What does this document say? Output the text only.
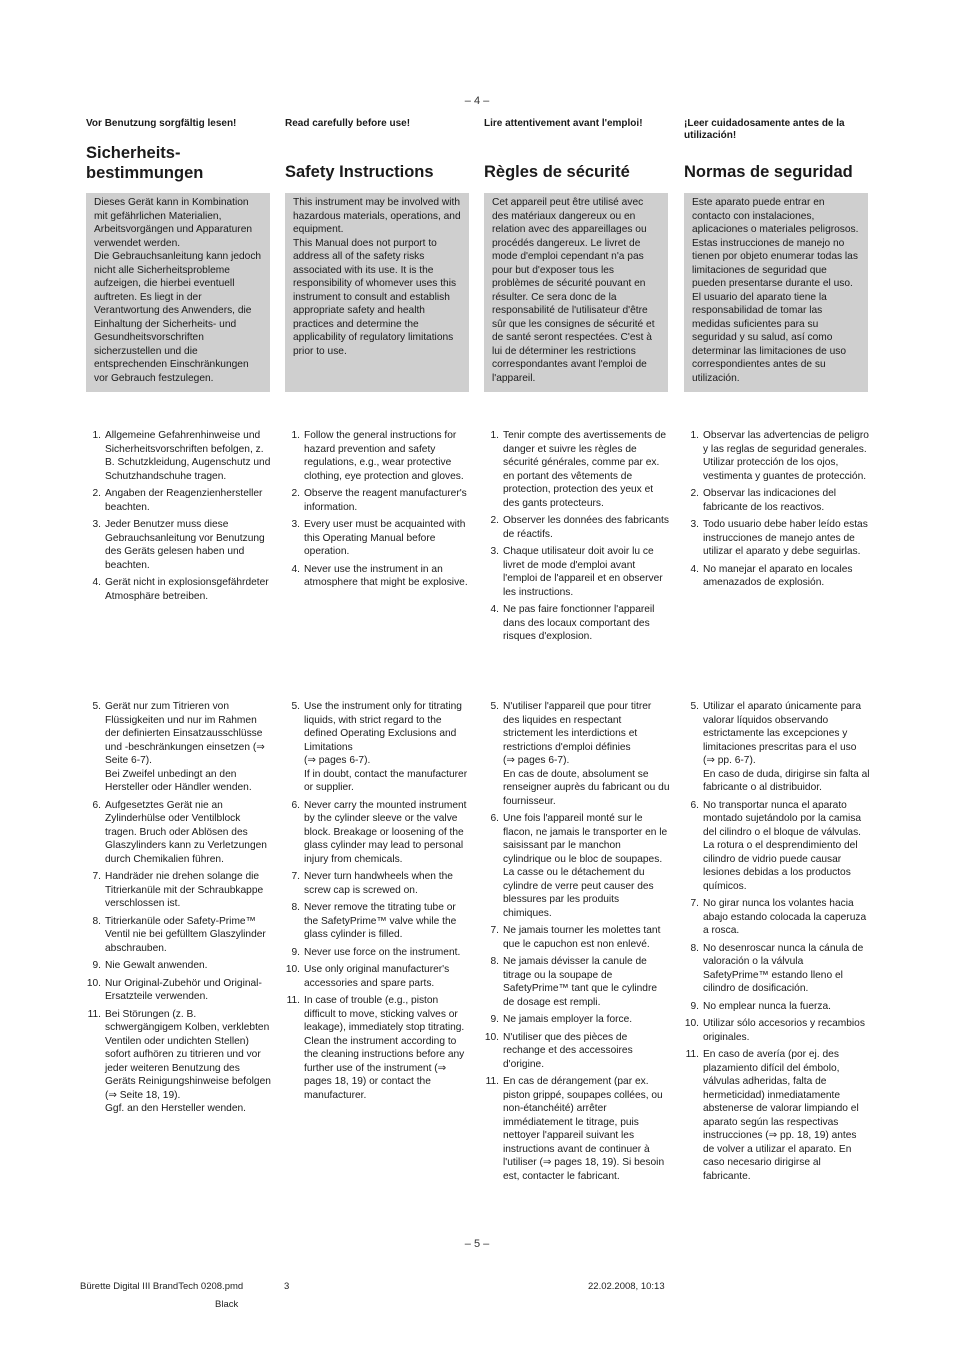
– 4 –
Vor Benutzung sorgfältig lesen!
Sicherheits-
bestimmungen
Dieses Gerät kann in Kombination mit gefährlichen Materialien, Arbeitsvorgängen und Apparaturen verwendet werden.
Die Gebrauchsanleitung kann jedoch nicht alle Sicherheitsprobleme aufzeigen, die hierbei eventuell auftreten. Es liegt in der Verantwortung des Anwenders, die Einhaltung der Sicherheits- und Gesundheitsvorschriften sicherzustellen und die entsprechenden Einschränkungen vor Gebrauch festzulegen.
1. Allgemeine Gefahrenhinweise und Sicherheitsvorschriften befolgen, z. B. Schutzkleidung, Augenschutz und Schutzhandschuhe tragen.
2. Angaben der Reagenzienhersteller beachten.
3. Jeder Benutzer muss diese Gebrauchsanleitung vor Benutzung des Geräts gelesen haben und beachten.
4. Gerät nicht in explosionsgefährdeter Atmosphäre betreiben.
5. Gerät nur zum Titrieren von Flüssigkeiten und nur im Rahmen der definierten Einsatzausschlüsse und -beschränkungen einsetzen (⇒ Seite 6-7).
Bei Zweifel unbedingt an den Hersteller oder Händler wenden.
6. Aufgesetztes Gerät nie an Zylinderhülse oder Ventilblock tragen. Bruch oder Ablösen des Glaszylinders kann zu Verletzungen durch Chemikalien führen.
7. Handräder nie drehen solange die Titrierkanüle mit der Schraubkappe verschlossen ist.
8. Titrierkanüle oder Safety-Prime™ Ventil nie bei gefülltem Glaszylinder abschrauben.
9. Nie Gewalt anwenden.
10. Nur Original-Zubehör und Original-Ersatzteile verwenden.
11. Bei Störungen (z. B. schwergängigem Kolben, verklebten Ventilen oder undichten Stellen) sofort aufhören zu titrieren und vor jeder weiteren Benutzung des Geräts Reinigungshinweise befolgen (⇒ Seite 18, 19).
Ggf. an den Hersteller wenden.
Read carefully before use!
Safety Instructions
This instrument may be involved with hazardous materials, operations, and equipment.
This Manual does not purport to address all of the safety risks associated with its use. It is the responsibility of whomever uses this instrument to consult and establish appropriate safety and health practices and determine the applicability of regulatory limitations prior to use.
1. Follow the general instructions for hazard prevention and safety regulations, e.g., wear protective clothing, eye protection and gloves.
2. Observe the reagent manufacturer's information.
3. Every user must be acquainted with this Operating Manual before operation.
4. Never use the instrument in an atmosphere that might be explosive.
5. Use the instrument only for titrating liquids, with strict regard to the defined Operating Exclusions and Limitations
(⇒ pages 6-7).
If in doubt, contact the manufacturer or supplier.
6. Never carry the mounted instrument by the cylinder sleeve or the valve block. Breakage or loosening of the glass cylinder may lead to personal injury from chemicals.
7. Never turn handwheels when the screw cap is screwed on.
8. Never remove the titrating tube or the SafetyPrime™ valve while the glass cylinder is filled.
9. Never use force on the instrument.
10. Use only original manufacturer's accessories and spare parts.
11. In case of trouble (e.g., piston difficult to move, sticking valves or leakage), immediately stop titrating. Clean the instrument according to the cleaning instructions before any further use of the instrument (⇒ pages 18, 19) or contact the manufacturer.
Lire attentivement avant l'emploi!
Règles de sécurité
Cet appareil peut être utilisé avec des matériaux dangereux ou en relation avec des appareillages ou procédés dangereux. Le livret de mode d'emploi cependant n'a pas pour but d'exposer tous les problèmes de sécurité pouvant en résulter. Ce sera donc de la responsabilité de l'utilisateur d'être sûr que les consignes de sécurité et de santé seront respectées. C'est à lui de déterminer les restrictions correspondantes avant l'emploi de l'appareil.
1. Tenir compte des avertissements de danger et suivre les règles de sécurité générales, comme par ex. en portant des vêtements de protection, protection des yeux et des gants protecteurs.
2. Observer les données des fabricants de réactifs.
3. Chaque utilisateur doit avoir lu ce livret de mode d'emploi avant l'emploi de l'appareil et en observer les instructions.
4. Ne pas faire fonctionner l'appareil dans des locaux comportant des risques d'explosion.
5. N'utiliser l'appareil que pour titrer des liquides en respectant strictement les interdictions et restrictions d'emploi définies
(⇒ pages 6-7).
En cas de doute, absolument se renseigner auprès du fabricant ou du fournisseur.
6. Une fois l'appareil monté sur le flacon, ne jamais le transporter en le saisissant par le manchon cylindrique ou le bloc de soupapes. La casse ou le détachement du cylindre de verre peut causer des blessures par les produits chimiques.
7. Ne jamais tourner les molettes tant que le capuchon est non enlevé.
8. Ne jamais dévisser la canule de titrage ou la soupape de SafetyPrime™ tant que le cylindre de dosage est rempli.
9. Ne jamais employer la force.
10. N'utiliser que des pièces de rechange et des accessoires d'origine.
11. En cas de dérangement (par ex. piston grippé, soupapes collées, ou non-étanchéité) arrêter immédiatement le titrage, puis nettoyer l'appareil suivant les instructions avant de continuer à l'utiliser (⇒ pages 18, 19). Si besoin est, contacter le fabricant.
¡Leer cuidadosamente antes de la utilización!
Normas de seguridad
Este aparato puede entrar en contacto con instalaciones, aplicaciones o materiales peligrosos. Estas instrucciones de manejo no tienen por objeto enumerar todas las limitaciones de seguridad que pueden presentarse durante el uso. El usuario del aparato tiene la responsabilidad de tomar las medidas suficientes para su seguridad y su salud, así como determinar las limitaciones de uso correspondientes antes de su utilización.
1. Observar las advertencias de peligro y las reglas de seguridad generales. Utilizar protección de los ojos, vestimenta y guantes de protección.
2. Observar las indicaciones del fabricante de los reactivos.
3. Todo usuario debe haber leído estas instrucciones de manejo antes de utilizar el aparato y debe seguirlas.
4. No manejar el aparato en locales amenazados de explosión.
5. Utilizar el aparato únicamente para valorar líquidos observando estrictamente las excepciones y limitaciones prescritas para el uso (⇒ pp. 6-7).
En caso de duda, dirigirse sin falta al fabricante o al distribuidor.
6. No transportar nunca el aparato montado sujetándolo por la camisa del cilindro o el bloque de válvulas. La rotura o el desprendimiento del cilindro de vidrio puede causar lesiones debidas a los productos químicos.
7. No girar nunca los volantes hacia abajo estando colocada la caperuza a rosca.
8. No desenroscar nunca la cánula de valoración o la válvula SafetyPrime™ estando lleno el cilindro de dosificación.
9. No emplear nunca la fuerza.
10. Utilizar sólo accesorios y recambios originales.
11. En caso de avería (por ej. des plazamiento difícil del émbolo, válvulas adheridas, falta de hermeticidad) inmediatamente abstenerse de valorar limpiando el aparato según las respectivas instrucciones (⇒ pp. 18, 19) antes de volver a utilizar el aparato. En caso necesario dirigirse al fabricante.
– 5 –
Bürette Digital III BrandTech 0208.pmd	3	22.02.2008, 10:13
Black
